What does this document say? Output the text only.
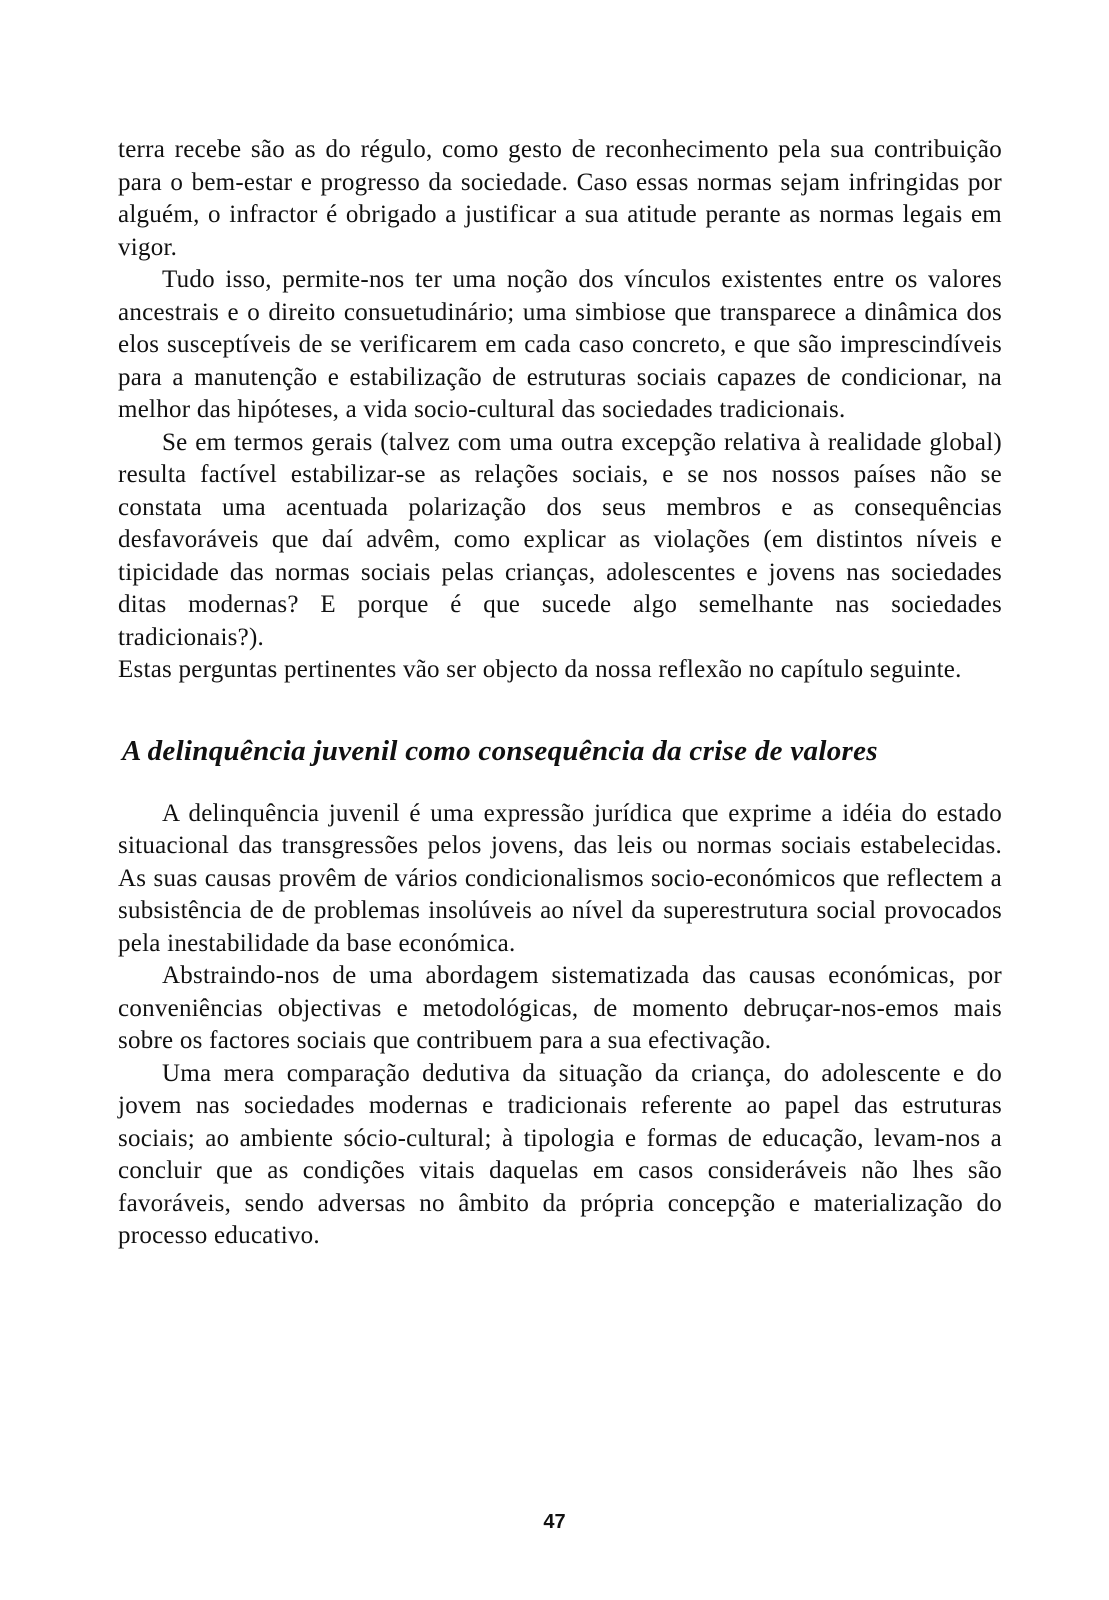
terra recebe são as do régulo, como gesto de reconhecimento pela sua contribuição para o bem-estar e progresso da sociedade. Caso essas normas sejam infringidas por alguém, o infractor é obrigado a justificar a sua atitude perante as normas legais em vigor.

Tudo isso, permite-nos ter uma noção dos vínculos existentes entre os valores ancestrais e o direito consuetudinário; uma simbiose que transparece a dinâmica dos elos susceptíveis de se verificarem em cada caso concreto, e que são imprescindíveis para a manutenção e estabilização de estruturas sociais capazes de condicionar, na melhor das hipóteses, a vida socio-cultural das sociedades tradicionais.

Se em termos gerais (talvez com uma outra excepção relativa à realidade global) resulta factível estabilizar-se as relações sociais, e se nos nossos países não se constata uma acentuada polarização dos seus membros e as consequências desfavoráveis que daí advêm, como explicar as violações (em distintos níveis e tipicidade das normas sociais pelas crianças, adolescentes e jovens nas sociedades ditas modernas? E porque é que sucede algo semelhante nas sociedades tradicionais?).

Estas perguntas pertinentes vão ser objecto da nossa reflexão no capítulo seguinte.

A delinquência juvenil como consequência da crise de valores

A delinquência juvenil é uma expressão jurídica que exprime a idéia do estado situacional das transgressões pelos jovens, das leis ou normas sociais estabelecidas. As suas causas provêm de vários condicionalismos socio-económicos que reflectem a subsistência de de problemas insolúveis ao nível da superestrutura social provocados pela inestabilidade da base económica.

Abstraindo-nos de uma abordagem sistematizada das causas económicas, por conveniências objectivas e metodológicas, de momento debruçar-nos-emos mais sobre os factores sociais que contribuem para a sua efectivação.

Uma mera comparação dedutiva da situação da criança, do adolescente e do jovem nas sociedades modernas e tradicionais referente ao papel das estruturas sociais; ao ambiente sócio-cultural; à tipologia e formas de educação, levam-nos a concluir que as condições vitais daquelas em casos consideráveis não lhes são favoráveis, sendo adversas no âmbito da própria concepção e materialização do processo educativo.

47
